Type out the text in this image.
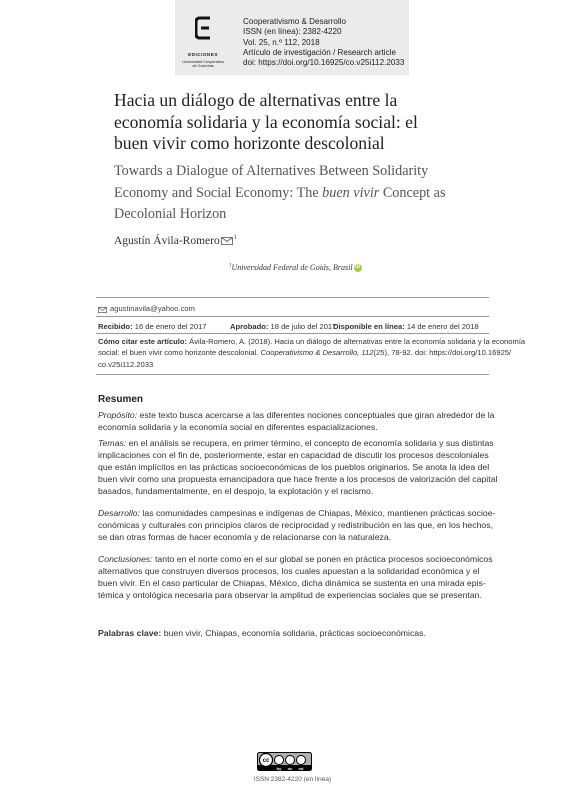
EDICIONES
Universidad Cooperativa
de Colombia
Cooperativismo & Desarrollo
ISSN (en línea): 2382-4220
Vol. 25, n.º 112, 2018
Artículo de investigación / Research article
doi: https://doi.org/10.16925/co.v25i112.2033
Hacia un diálogo de alternativas entre la
economía solidaria y la economía social: el
buen vivir como horizonte descolonial
Towards a Dialogue of Alternatives Between Solidarity
Economy and Social Economy: The buen vivir Concept as
Decolonial Horizon
Agustín Ávila-Romero $^1$
$^1$Universidad Federal de Goiás, Brasil iD
agustinavila@yahoo.com
Recibido: 16 de enero del 2017	Aprobado: 18 de julio del 2017
Disponible en línea: 14 de enero del 2018
Cómo citar este artículo: Ávila-Romero, A. (2018). Hacia un diálogo de alternativas entre la economía solidaria y la economía
social: el buen vivir como horizonte descolonial. Cooperativismo & Desarrollo, 112(25), 78-92. doi: https://doi.org/10.16925/
co.v25i112.2033
Resumen
Propósito: este texto busca acercarse a las diferentes nociones conceptuales que giran alrededor de la
economía solidaria y la economía social en diferentes espacializaciones.
Temas: en el análisis se recupera, en primer término, el concepto de economía solidaria y sus distintas
implicaciones con el fin de, posteriormente, estar en capacidad de discutir los procesos descoloniales
que están implícitos en las prácticas socioeconómicas de los pueblos originarios. Se anota la idea del
buen vivir como una propuesta emancipadora que hace frente a los procesos de valorización del capital
basados, fundamentalmente, en el despojo, la explotación y el racismo.
Desarrollo: las comunidades campesinas e indígenas de Chiapas, México, mantienen prácticas socioe-
conómicas y culturales con principios claros de reciprocidad y redistribución en las que, en los hechos,
se dan otras formas de hacer economía y de relacionarse con la naturaleza.
Conclusiones: tanto en el norte como en el sur global se ponen en práctica procesos socioeconómicos
alternativos que construyen diversos procesos, los cuales apuestan a la solidaridad económica y el
buen vivir. En el caso particular de Chiapas, México, dicha dinámica se sustenta en una mirada epis-
témica y ontológica necesaria para observar la amplitud de experiencias sociales que se presentan.
Palabras clave: buen vivir, Chiapas, economía solidaria, prácticas socioeconómicas.
cc
by nc nd
ISSN 2382-4220 (en línea)
